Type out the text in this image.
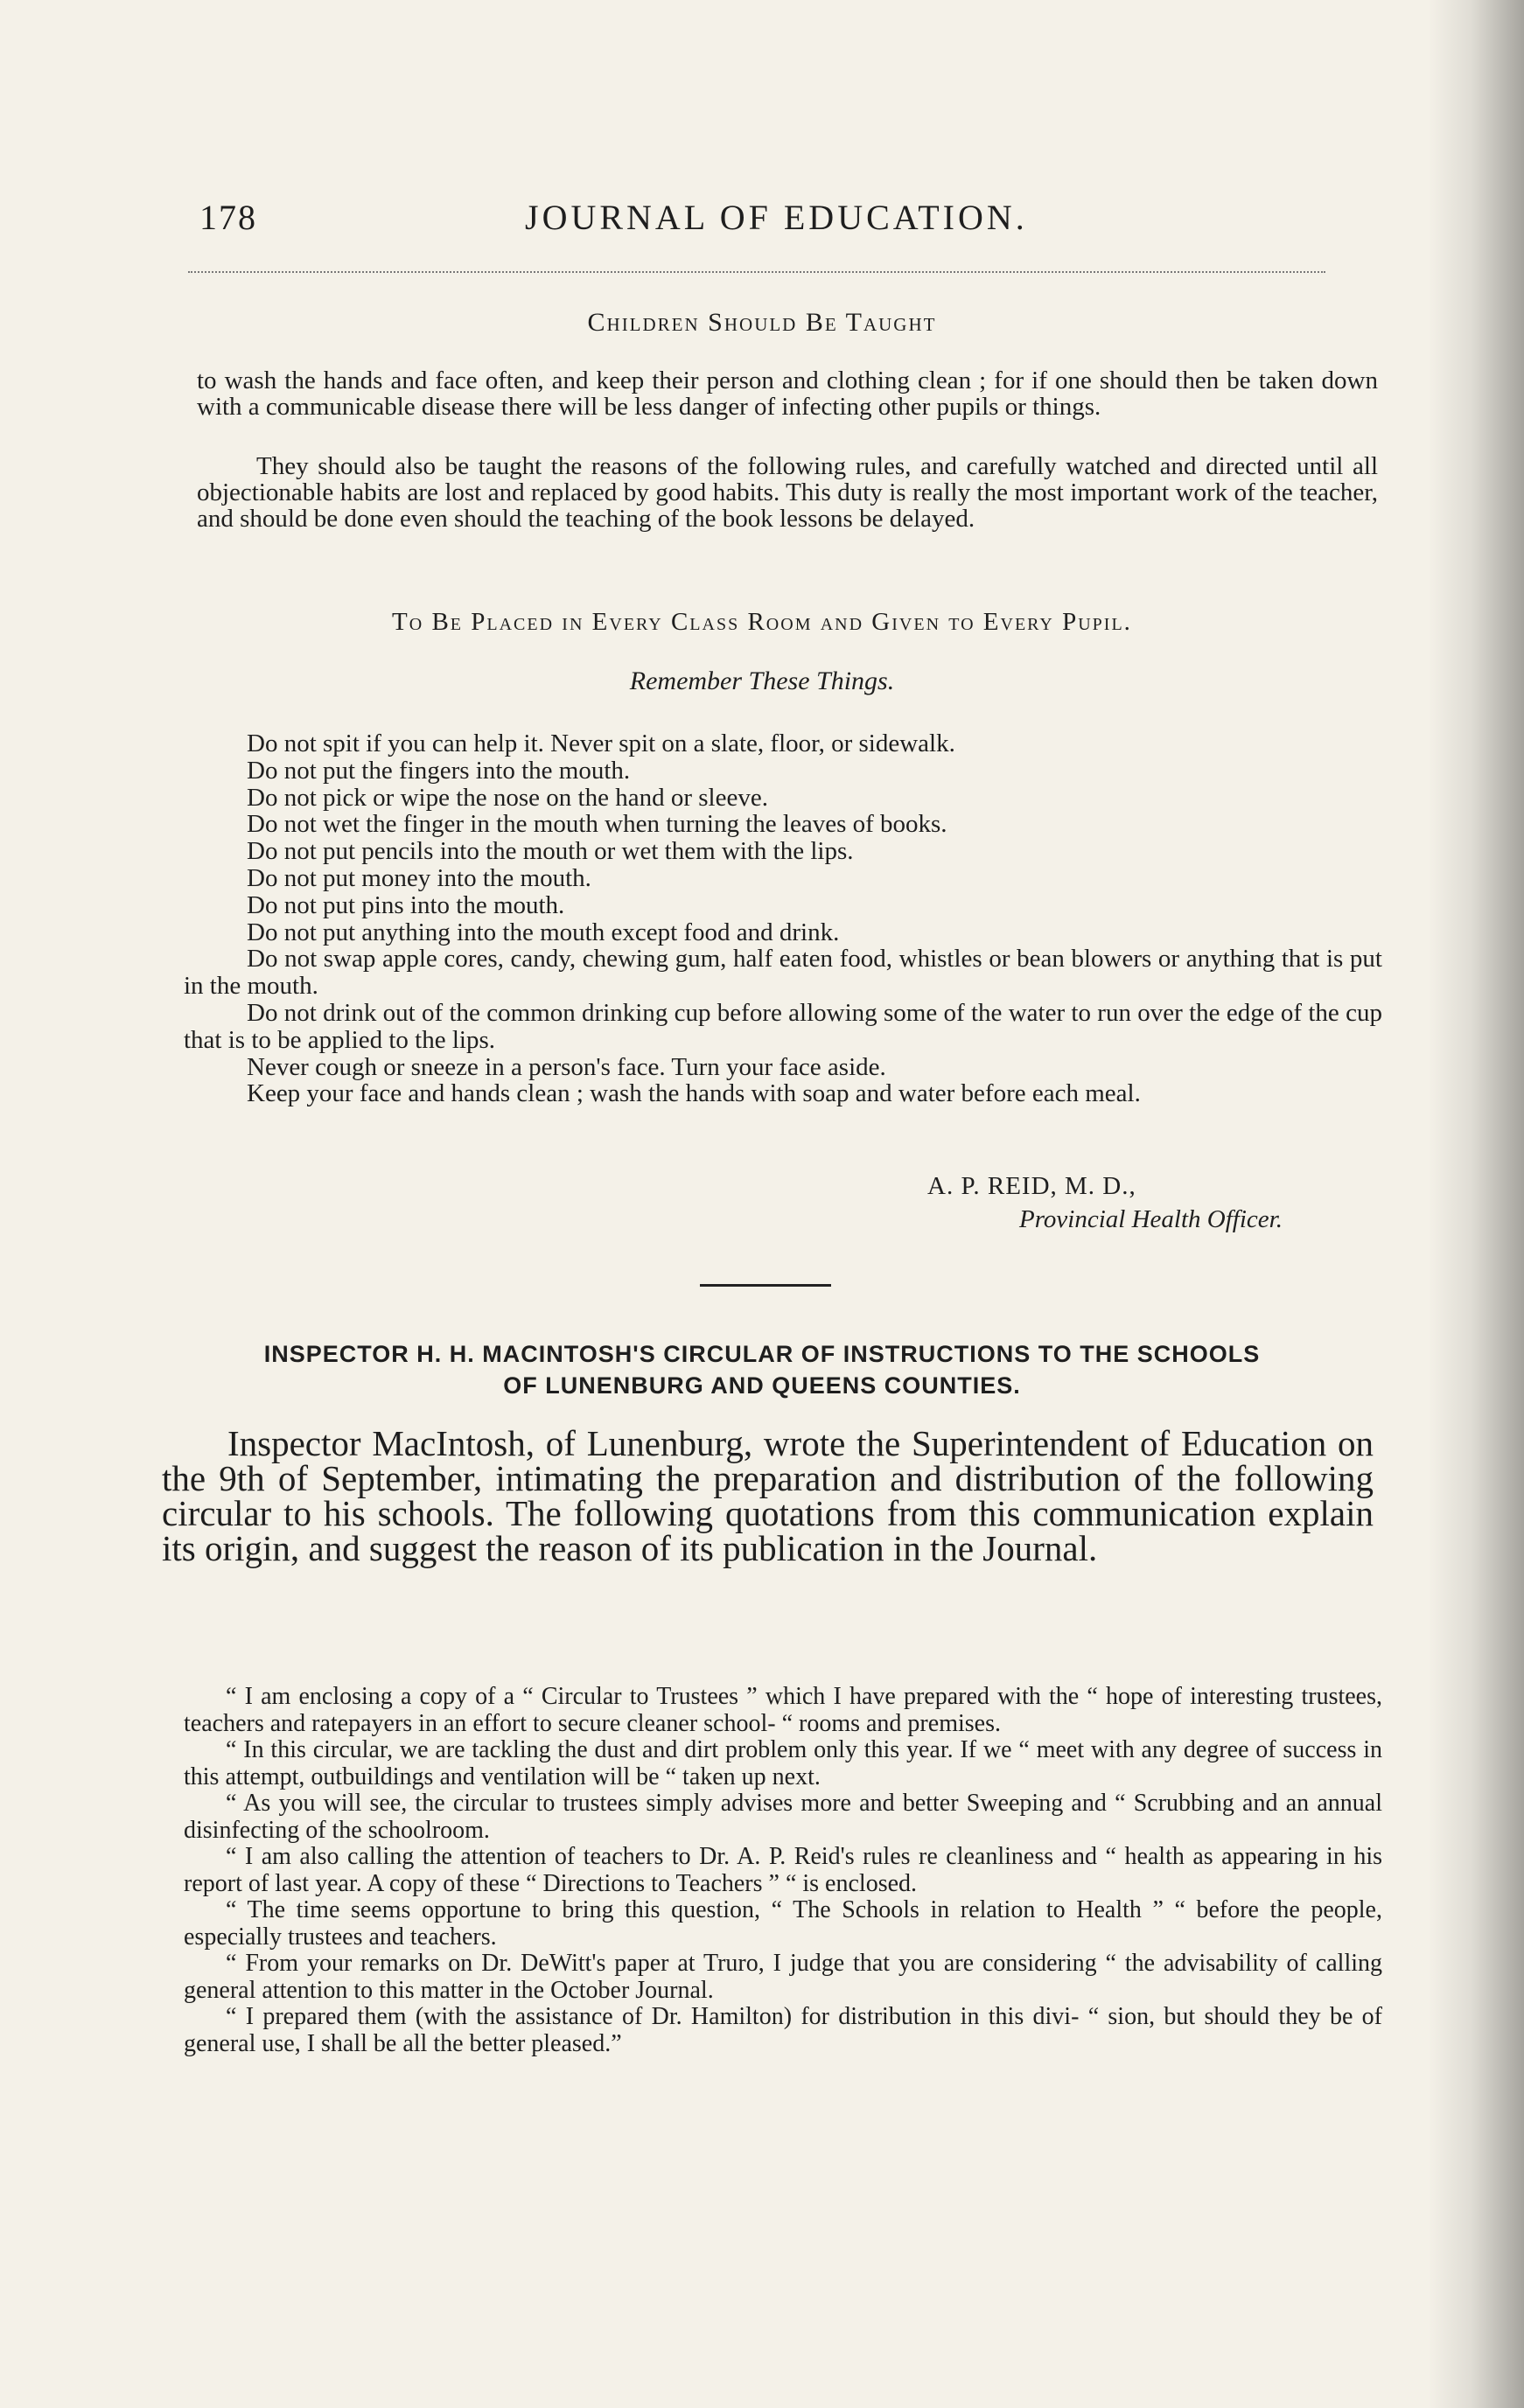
178	JOURNAL OF EDUCATION.
Children Should Be Taught
to wash the hands and face often, and keep their person and clothing clean ; for if one should then be taken down with a communicable disease there will be less danger of infecting other pupils or things.
They should also be taught the reasons of the following rules, and carefully watched and directed until all objectionable habits are lost and replaced by good habits. This duty is really the most important work of the teacher, and should be done even should the teaching of the book lessons be delayed.
To Be Placed in Every Class Room and Given to Every Pupil.
Remember These Things.
Do not spit if you can help it. Never spit on a slate, floor, or sidewalk.
Do not put the fingers into the mouth.
Do not pick or wipe the nose on the hand or sleeve.
Do not wet the finger in the mouth when turning the leaves of books.
Do not put pencils into the mouth or wet them with the lips.
Do not put money into the mouth.
Do not put pins into the mouth.
Do not put anything into the mouth except food and drink.
Do not swap apple cores, candy, chewing gum, half eaten food, whistles or bean blowers or anything that is put in the mouth.
Do not drink out of the common drinking cup before allowing some of the water to run over the edge of the cup that is to be applied to the lips.
Never cough or sneeze in a person's face. Turn your face aside.
Keep your face and hands clean ; wash the hands with soap and water before each meal.
A. P. REID, M. D.,
Provincial Health Officer.
INSPECTOR H. H. MACINTOSH'S CIRCULAR OF INSTRUCTIONS TO THE SCHOOLS
OF LUNENBURG AND QUEENS COUNTIES.
Inspector MacIntosh, of Lunenburg, wrote the Superintendent of Education on the 9th of September, intimating the preparation and distribution of the following circular to his schools. The following quotations from this communication explain its origin, and suggest the reason of its publication in the Journal.
“ I am enclosing a copy of a “ Circular to Trustees ” which I have prepared with the “ hope of interesting trustees, teachers and ratepayers in an effort to secure cleaner school- “ rooms and premises.
“ In this circular, we are tackling the dust and dirt problem only this year. If we “ meet with any degree of success in this attempt, outbuildings and ventilation will be “ taken up next.
“ As you will see, the circular to trustees simply advises more and better Sweeping and “ Scrubbing and an annual disinfecting of the schoolroom.
“ I am also calling the attention of teachers to Dr. A. P. Reid's rules re cleanliness and “ health as appearing in his report of last year. A copy of these “ Directions to Teachers ” “ is enclosed.
“ The time seems opportune to bring this question, “ The Schools in relation to Health ” “ before the people, especially trustees and teachers.
“ From your remarks on Dr. DeWitt's paper at Truro, I judge that you are considering “ the advisability of calling general attention to this matter in the October Journal.
“ I prepared them (with the assistance of Dr. Hamilton) for distribution in this divi- “ sion, but should they be of general use, I shall be all the better pleased.”
